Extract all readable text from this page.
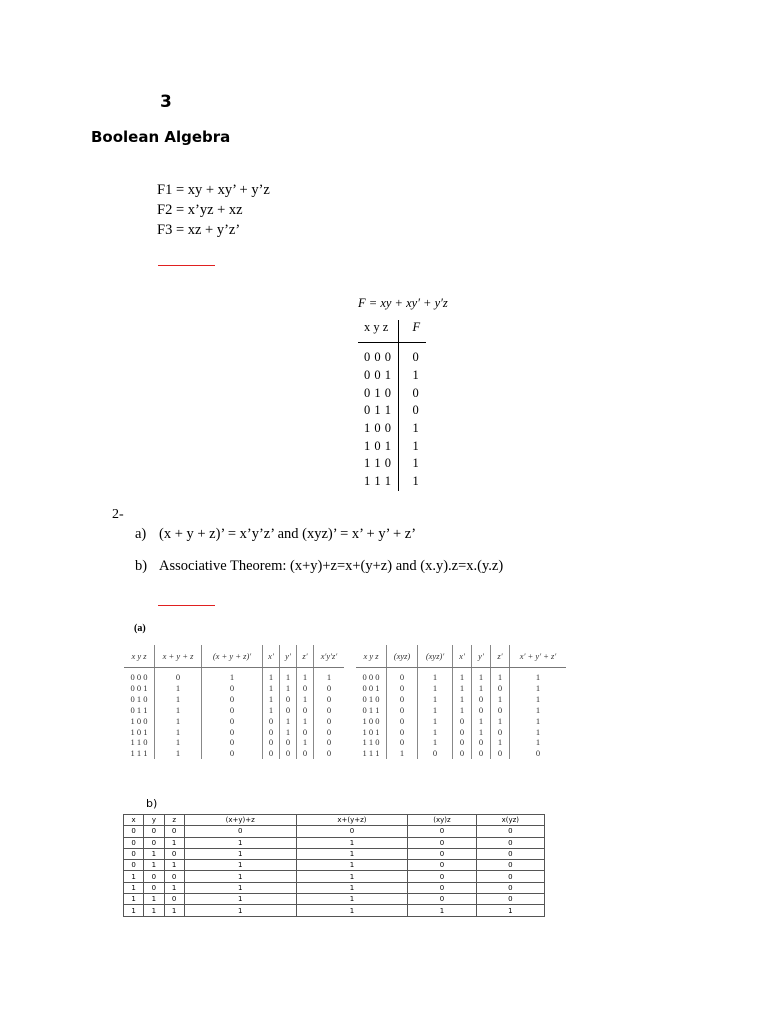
3
Boolean Algebra
F1 = xy + xy’ + y’z
F2 = x’yz + xz
F3 = xz + y’z’
F = xy + xy′ + y′z
x y z	F
0 0 0	0
0 0 1	1
0 1 0	0
0 1 1	0
1 0 0	1
1 0 1	1
1 1 0	1
1 1 1	1
2-
a) (x + y + z)’ = x’y’z’ and (xyz)’ = x’ + y’ + z’
b) Associative Theorem: (x+y)+z=x+(y+z) and (x.y).z=x.(y.z)
(a)
x y z	x + y + z	(x + y + z)′	x′	y′	z′	x′y′z′
0 0 0	0	1	1	1	1	1
0 0 1	1	0	1	1	0	0
0 1 0	1	0	1	0	1	0
0 1 1	1	0	1	0	0	0
1 0 0	1	0	0	1	1	0
1 0 1	1	0	0	1	0	0
1 1 0	1	0	0	0	1	0
1 1 1	1	0	0	0	0	0
x y z	(xyz)	(xyz)′	x′	y′	z′	x′ + y′ + z′
0 0 0	0	1	1	1	1	1
0 0 1	0	1	1	1	0	1
0 1 0	0	1	1	0	1	1
0 1 1	0	1	1	0	0	1
1 0 0	0	1	0	1	1	1
1 0 1	0	1	0	1	0	1
1 1 0	0	1	0	0	1	1
1 1 1	1	0	0	0	0	0
b)
x	y	z	(x+y)+z	x+(y+z)	(xy)z	x(yz)
0	0	0	0	0	0	0
0	0	1	1	1	0	0
0	1	0	1	1	0	0
0	1	1	1	1	0	0
1	0	0	1	1	0	0
1	0	1	1	1	0	0
1	1	0	1	1	0	0
1	1	1	1	1	1	1
